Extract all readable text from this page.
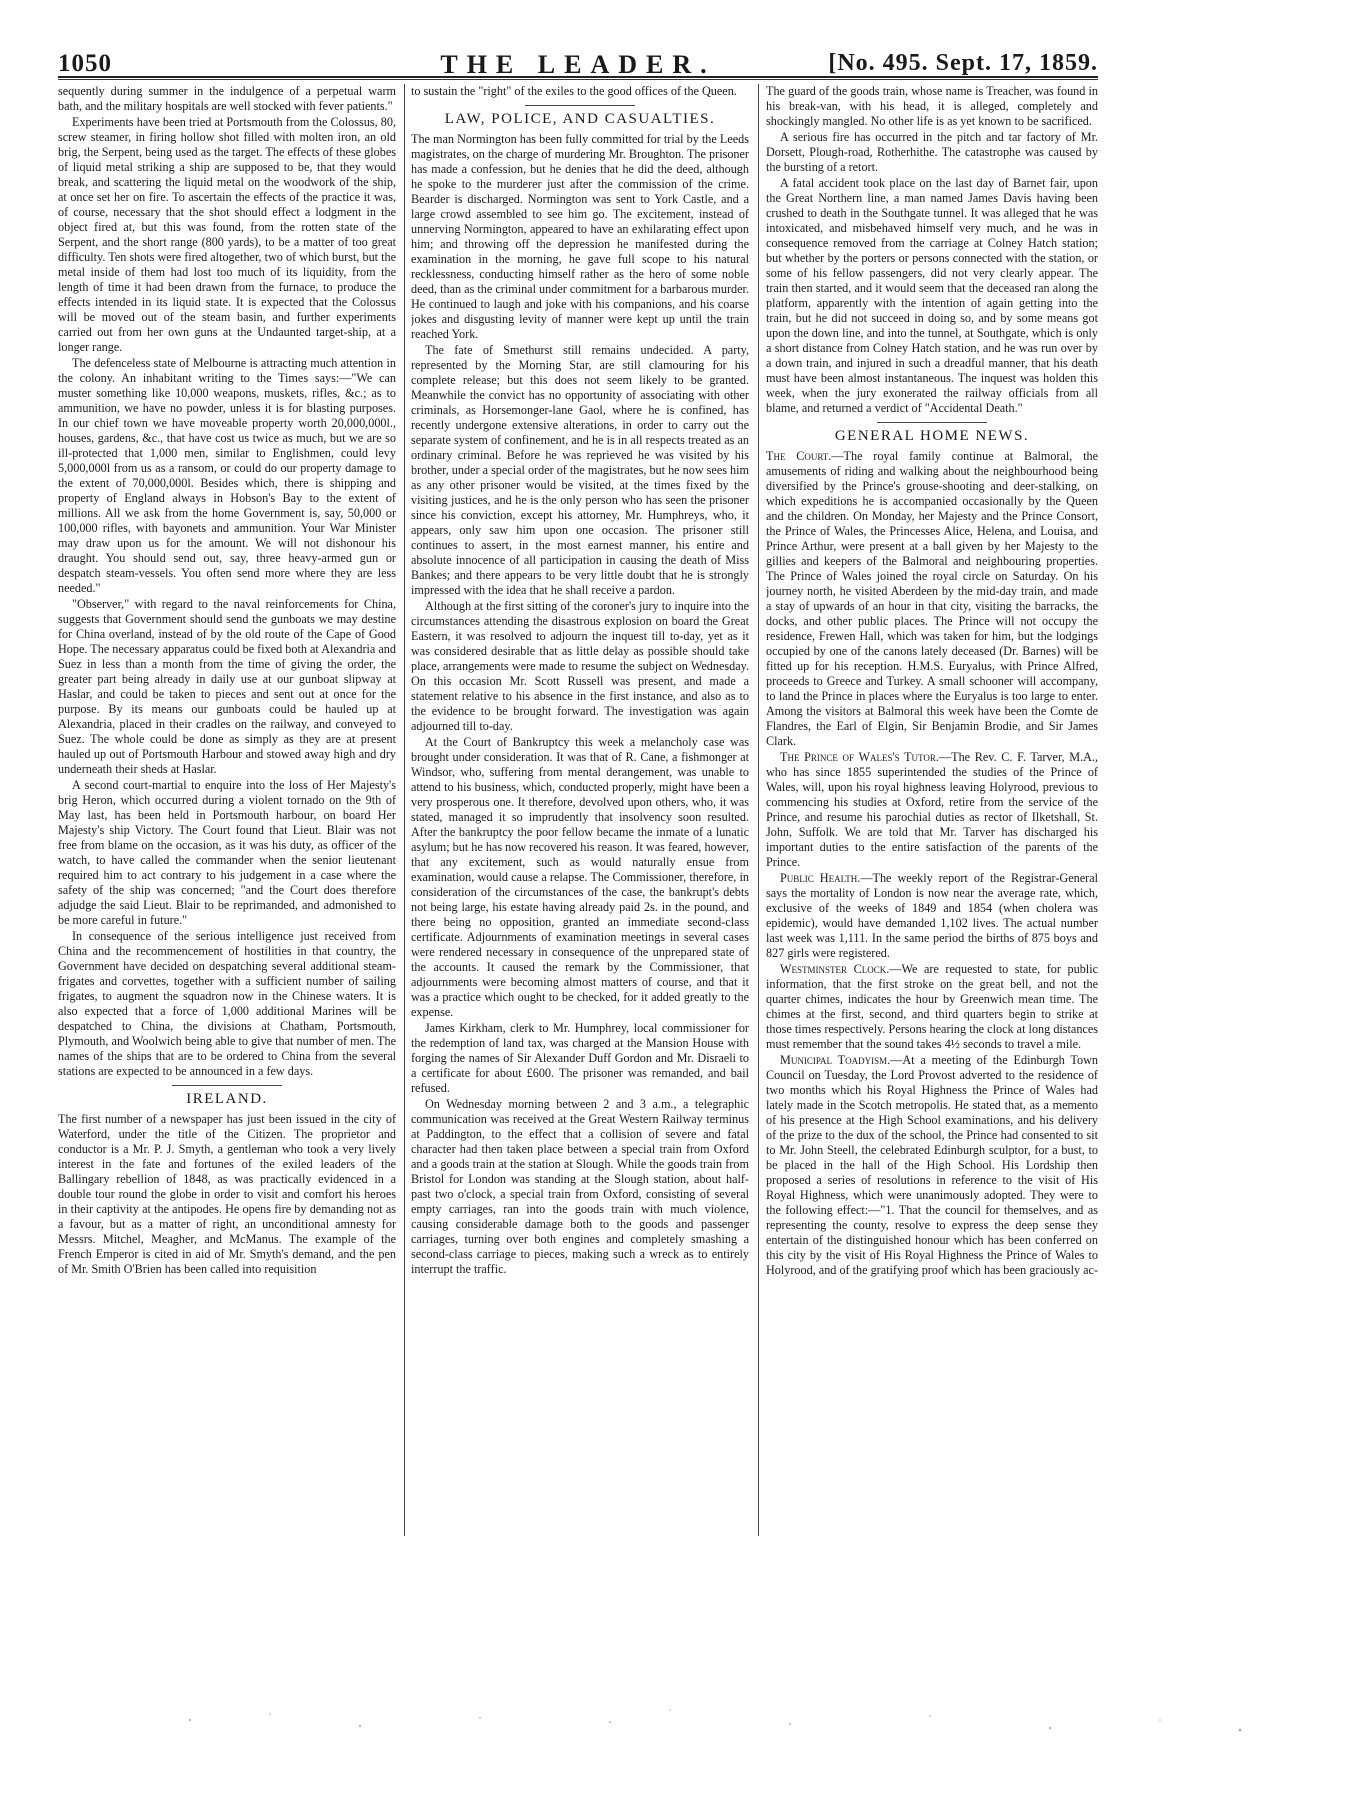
1050	THE LEADER.	[No. 495. Sept. 17, 1859.

sequently during summer in the indulgence of a perpetual warm bath, and the military hospitals are well stocked with fever patients."

Experiments have been tried at Portsmouth from the Colossus, 80, screw steamer, in firing hollow shot filled with molten iron, an old brig, the Serpent, being used as the target. The effects of these globes of liquid metal striking a ship are supposed to be, that they would break, and scattering the liquid metal on the woodwork of the ship, at once set her on fire. To ascertain the effects of the practice it was, of course, necessary that the shot should effect a lodgment in the object fired at, but this was found, from the rotten state of the Serpent, and the short range (800 yards), to be a matter of too great difficulty. Ten shots were fired altogether, two of which burst, but the metal inside of them had lost too much of its liquidity, from the length of time it had been drawn from the furnace, to produce the effects intended in its liquid state. It is expected that the Colossus will be moved out of the steam basin, and further experiments carried out from her own guns at the Undaunted target-ship, at a longer range.

The defenceless state of Melbourne is attracting much attention in the colony. An inhabitant writing to the Times says:—"We can muster something like 10,000 weapons, muskets, rifles, &c.; as to ammunition, we have no powder, unless it is for blasting purposes. In our chief town we have moveable property worth 20,000,000l., houses, gardens, &c., that have cost us twice as much, but we are so ill-protected that 1,000 men, similar to Englishmen, could levy 5,000,000l from us as a ransom, or could do our property damage to the extent of 70,000,000l. Besides which, there is shipping and property of England always in Hobson's Bay to the extent of millions. All we ask from the home Government is, say, 50,000 or 100,000 rifles, with bayonets and ammunition. Your War Minister may draw upon us for the amount. We will not dishonour his draught. You should send out, say, three heavy-armed gun or despatch steam-vessels. You often send more where they are less needed."

"Observer," with regard to the naval reinforcements for China, suggests that Government should send the gunboats we may destine for China overland, instead of by the old route of the Cape of Good Hope. The necessary apparatus could be fixed both at Alexandria and Suez in less than a month from the time of giving the order, the greater part being already in daily use at our gunboat slipway at Haslar, and could be taken to pieces and sent out at once for the purpose. By its means our gunboats could be hauled up at Alexandria, placed in their cradles on the railway, and conveyed to Suez. The whole could be done as simply as they are at present hauled up out of Portsmouth Harbour and stowed away high and dry underneath their sheds at Haslar.

A second court-martial to enquire into the loss of Her Majesty's brig Heron, which occurred during a violent tornado on the 9th of May last, has been held in Portsmouth harbour, on board Her Majesty's ship Victory. The Court found that Lieut. Blair was not free from blame on the occasion, as it was his duty, as officer of the watch, to have called the commander when the senior lieutenant required him to act contrary to his judgement in a case where the safety of the ship was concerned; "and the Court does therefore adjudge the said Lieut. Blair to be reprimanded, and admonished to be more careful in future."

In consequence of the serious intelligence just received from China and the recommencement of hostilities in that country, the Government have decided on despatching several additional steam-frigates and corvettes, together with a sufficient number of sailing frigates, to augment the squadron now in the Chinese waters. It is also expected that a force of 1,000 additional Marines will be despatched to China, the divisions at Chatham, Portsmouth, Plymouth, and Woolwich being able to give that number of men. The names of the ships that are to be ordered to China from the several stations are expected to be announced in a few days.

IRELAND.

The first number of a newspaper has just been issued in the city of Waterford, under the title of the Citizen. The proprietor and conductor is a Mr. P. J. Smyth, a gentleman who took a very lively interest in the fate and fortunes of the exiled leaders of the Ballingary rebellion of 1848, as was practically evidenced in a double tour round the globe in order to visit and comfort his heroes in their captivity at the antipodes. He opens fire by demanding not as a favour, but as a matter of right, an unconditional amnesty for Messrs. Mitchel, Meagher, and McManus. The example of the French Emperor is cited in aid of Mr. Smyth's demand, and the pen of Mr. Smith O'Brien has been called into requisition

to sustain the "right" of the exiles to the good offices of the Queen.

LAW, POLICE, AND CASUALTIES.

The man Normington has been fully committed for trial by the Leeds magistrates, on the charge of murdering Mr. Broughton. The prisoner has made a confession, but he denies that he did the deed, although he spoke to the murderer just after the commission of the crime. Bearder is discharged. Normington was sent to York Castle, and a large crowd assembled to see him go. The excitement, instead of unnerving Normington, appeared to have an exhilarating effect upon him; and throwing off the depression he manifested during the examination in the morning, he gave full scope to his natural recklessness, conducting himself rather as the hero of some noble deed, than as the criminal under commitment for a barbarous murder. He continued to laugh and joke with his companions, and his coarse jokes and disgusting levity of manner were kept up until the train reached York.

The fate of Smethurst still remains undecided. A party, represented by the Morning Star, are still clamouring for his complete release; but this does not seem likely to be granted. Meanwhile the convict has no opportunity of associating with other criminals, as Horsemonger-lane Gaol, where he is confined, has recently undergone extensive alterations, in order to carry out the separate system of confinement, and he is in all respects treated as an ordinary criminal. Before he was reprieved he was visited by his brother, under a special order of the magistrates, but he now sees him as any other prisoner would be visited, at the times fixed by the visiting justices, and he is the only person who has seen the prisoner since his conviction, except his attorney, Mr. Humphreys, who, it appears, only saw him upon one occasion. The prisoner still continues to assert, in the most earnest manner, his entire and absolute innocence of all participation in causing the death of Miss Bankes; and there appears to be very little doubt that he is strongly impressed with the idea that he shall receive a pardon.

Although at the first sitting of the coroner's jury to inquire into the circumstances attending the disastrous explosion on board the Great Eastern, it was resolved to adjourn the inquest till to-day, yet as it was considered desirable that as little delay as possible should take place, arrangements were made to resume the subject on Wednesday. On this occasion Mr. Scott Russell was present, and made a statement relative to his absence in the first instance, and also as to the evidence to be brought forward. The investigation was again adjourned till to-day.

At the Court of Bankruptcy this week a melancholy case was brought under consideration. It was that of R. Cane, a fishmonger at Windsor, who, suffering from mental derangement, was unable to attend to his business, which, conducted properly, might have been a very prosperous one. It therefore, devolved upon others, who, it was stated, managed it so imprudently that insolvency soon resulted. After the bankruptcy the poor fellow became the inmate of a lunatic asylum; but he has now recovered his reason. It was feared, however, that any excitement, such as would naturally ensue from examination, would cause a relapse. The Commissioner, therefore, in consideration of the circumstances of the case, the bankrupt's debts not being large, his estate having already paid 2s. in the pound, and there being no opposition, granted an immediate second-class certificate. Adjournments of examination meetings in several cases were rendered necessary in consequence of the unprepared state of the accounts. It caused the remark by the Commissioner, that adjournments were becoming almost matters of course, and that it was a practice which ought to be checked, for it added greatly to the expense.

James Kirkham, clerk to Mr. Humphrey, local commissioner for the redemption of land tax, was charged at the Mansion House with forging the names of Sir Alexander Duff Gordon and Mr. Disraeli to a certificate for about £600. The prisoner was remanded, and bail refused.

On Wednesday morning between 2 and 3 a.m., a telegraphic communication was received at the Great Western Railway terminus at Paddington, to the effect that a collision of severe and fatal character had then taken place between a special train from Oxford and a goods train at the station at Slough. While the goods train from Bristol for London was standing at the Slough station, about half-past two o'clock, a special train from Oxford, consisting of several empty carriages, ran into the goods train with much violence, causing considerable damage both to the goods and passenger carriages, turning over both engines and completely smashing a second-class carriage to pieces, making such a wreck as to entirely interrupt the traffic.

The guard of the goods train, whose name is Treacher, was found in his break-van, with his head, it is alleged, completely and shockingly mangled. No other life is as yet known to be sacrificed.

A serious fire has occurred in the pitch and tar factory of Mr. Dorsett, Plough-road, Rotherhithe. The catastrophe was caused by the bursting of a retort.

A fatal accident took place on the last day of Barnet fair, upon the Great Northern line, a man named James Davis having been crushed to death in the Southgate tunnel. It was alleged that he was intoxicated, and misbehaved himself very much, and he was in consequence removed from the carriage at Colney Hatch station; but whether by the porters or persons connected with the station, or some of his fellow passengers, did not very clearly appear. The train then started, and it would seem that the deceased ran along the platform, apparently with the intention of again getting into the train, but he did not succeed in doing so, and by some means got upon the down line, and into the tunnel, at Southgate, which is only a short distance from Colney Hatch station, and he was run over by a down train, and injured in such a dreadful manner, that his death must have been almost instantaneous. The inquest was holden this week, when the jury exonerated the railway officials from all blame, and returned a verdict of "Accidental Death."

GENERAL HOME NEWS.

The Court.—The royal family continue at Balmoral, the amusements of riding and walking about the neighbourhood being diversified by the Prince's grouse-shooting and deer-stalking, on which expeditions he is accompanied occasionally by the Queen and the children. On Monday, her Majesty and the Prince Consort, the Prince of Wales, the Princesses Alice, Helena, and Louisa, and Prince Arthur, were present at a ball given by her Majesty to the gillies and keepers of the Balmoral and neighbouring properties. The Prince of Wales joined the royal circle on Saturday. On his journey north, he visited Aberdeen by the mid-day train, and made a stay of upwards of an hour in that city, visiting the barracks, the docks, and other public places. The Prince will not occupy the residence, Frewen Hall, which was taken for him, but the lodgings occupied by one of the canons lately deceased (Dr. Barnes) will be fitted up for his reception. H.M.S. Euryalus, with Prince Alfred, proceeds to Greece and Turkey. A small schooner will accompany, to land the Prince in places where the Euryalus is too large to enter. Among the visitors at Balmoral this week have been the Comte de Flandres, the Earl of Elgin, Sir Benjamin Brodie, and Sir James Clark.

The Prince of Wales's Tutor.—The Rev. C. F. Tarver, M.A., who has since 1855 superintended the studies of the Prince of Wales, will, upon his royal highness leaving Holyrood, previous to commencing his studies at Oxford, retire from the service of the Prince, and resume his parochial duties as rector of Ilketshall, St. John, Suffolk. We are told that Mr. Tarver has discharged his important duties to the entire satisfaction of the parents of the Prince.

Public Health.—The weekly report of the Registrar-General says the mortality of London is now near the average rate, which, exclusive of the weeks of 1849 and 1854 (when cholera was epidemic), would have demanded 1,102 lives. The actual number last week was 1,111. In the same period the births of 875 boys and 827 girls were registered.

Westminster Clock.—We are requested to state, for public information, that the first stroke on the great bell, and not the quarter chimes, indicates the hour by Greenwich mean time. The chimes at the first, second, and third quarters begin to strike at those times respectively. Persons hearing the clock at long distances must remember that the sound takes 4½ seconds to travel a mile.

Municipal Toadyism.—At a meeting of the Edinburgh Town Council on Tuesday, the Lord Provost adverted to the residence of two months which his Royal Highness the Prince of Wales had lately made in the Scotch metropolis. He stated that, as a memento of his presence at the High School examinations, and his delivery of the prize to the dux of the school, the Prince had consented to sit to Mr. John Steell, the celebrated Edinburgh sculptor, for a bust, to be placed in the hall of the High School. His Lordship then proposed a series of resolutions in reference to the visit of His Royal Highness, which were unanimously adopted. They were to the following effect:—"1. That the council for themselves, and as representing the county, resolve to express the deep sense they entertain of the distinguished honour which has been conferred on this city by the visit of His Royal Highness the Prince of Wales to Holyrood, and of the gratifying proof which has been graciously ac-
